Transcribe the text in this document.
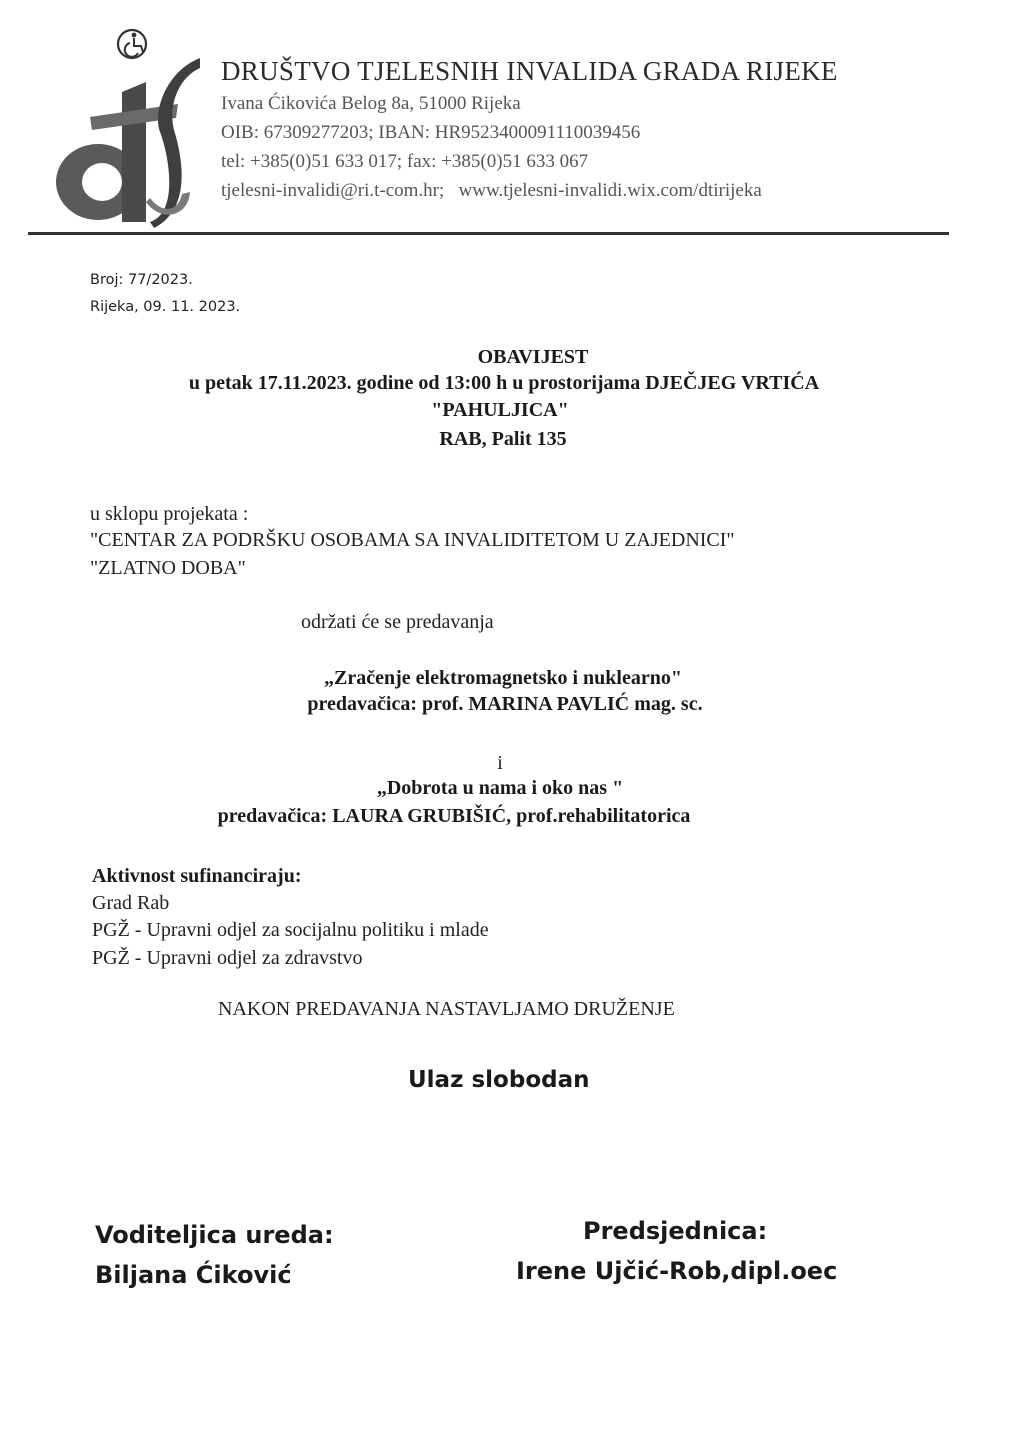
DRUŠTVO TJELESNIH INVALIDA GRADA RIJEKE
Ivana Ćikovića Belog 8a, 51000 Rijeka
OIB: 67309277203; IBAN: HR9523400091110039456
tel: +385(0)51 633 017; fax: +385(0)51 633 067
tjelesni-invalidi@ri.t-com.hr;   www.tjelesni-invalidi.wix.com/dtirijeka
Broj: 77/2023.
Rijeka, 09. 11. 2023.
OBAVIJEST
u petak 17.11.2023. godine od 13:00 h u prostorijama DJEČJEG VRTIĆA
"PAHULJICA"
RAB, Palit 135
u sklopu projekata :
"CENTAR ZA PODRŠKU OSOBAMA SA INVALIDITETOM U ZAJEDNICI"
"ZLATNO DOBA"
održati će se predavanja
„Zračenje elektromagnetsko i nuklearno"
predavačica: prof. MARINA PAVLIĆ mag. sc.
i
„Dobrota u nama i oko nas "
predavačica: LAURA GRUBIŠIĆ, prof.rehabilitatorica
Aktivnost sufinanciraju:
Grad Rab
PGŽ - Upravni odjel za socijalnu politiku i mlade
PGŽ - Upravni odjel za zdravstvo
NAKON PREDAVANJA NASTAVLJAMO DRUŽENJE
Ulaz slobodan
Voditeljica ureda:
Biljana Ćiković
Predsjednica:
Irene Ujčić-Rob,dipl.oec
